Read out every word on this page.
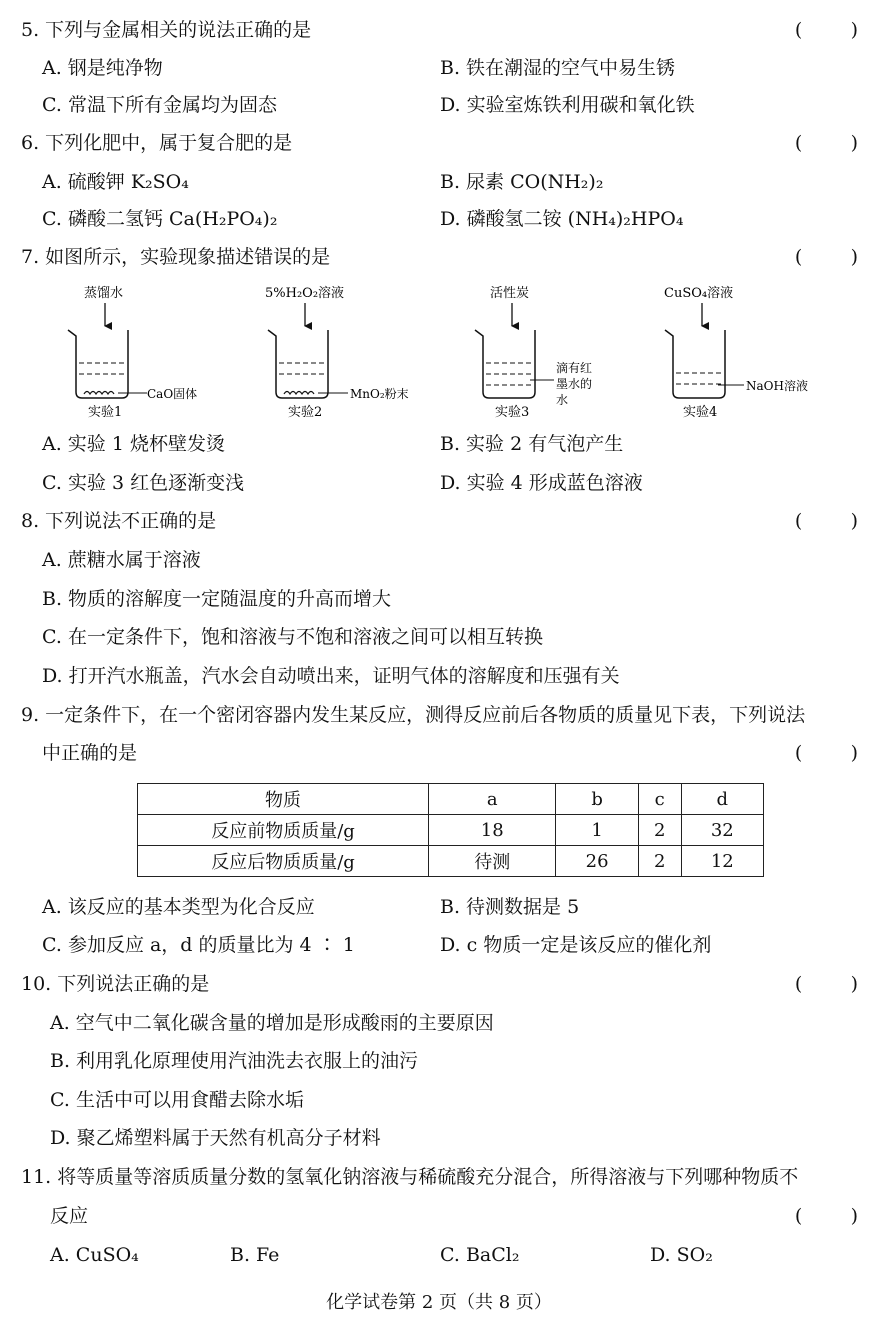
5. 下列与金属相关的说法正确的是	(        )
A. 钢是纯净物	B. 铁在潮湿的空气中易生锈
C. 常温下所有金属均为固态	D. 实验室炼铁利用碳和氧化铁
6. 下列化肥中，属于复合肥的是	(        )
A. 硫酸钾 K₂SO₄	B. 尿素 CO(NH₂)₂
C. 磷酸二氢钙 Ca(H₂PO₄)₂	D. 磷酸氢二铵 (NH₄)₂HPO₄
7. 如图所示，实验现象描述错误的是	(        )
蒸馏水
CaO固体
实验1
5%H₂O₂溶液
MnO₂粉末
实验2
活性炭
滴有红
墨水的
水
实验3
CuSO₄溶液
NaOH溶液
实验4
A. 实验 1 烧杯壁发烫	B. 实验 2 有气泡产生
C. 实验 3 红色逐渐变浅	D. 实验 4 形成蓝色溶液
8. 下列说法不正确的是	(        )
A. 蔗糖水属于溶液
B. 物质的溶解度一定随温度的升高而增大
C. 在一定条件下，饱和溶液与不饱和溶液之间可以相互转换
D. 打开汽水瓶盖，汽水会自动喷出来，证明气体的溶解度和压强有关
9. 一定条件下，在一个密闭容器内发生某反应，测得反应前后各物质的质量见下表，下列说法
中正确的是	(        )
物质	a	b	c	d
反应前物质质量/g	18	1	2	32
反应后物质质量/g	待测	26	2	12
A. 该反应的基本类型为化合反应	B. 待测数据是 5
C. 参加反应 a，d 的质量比为 4 ∶ 1	D. c 物质一定是该反应的催化剂
10. 下列说法正确的是	(        )
A. 空气中二氧化碳含量的增加是形成酸雨的主要原因
B. 利用乳化原理使用汽油洗去衣服上的油污
C. 生活中可以用食醋去除水垢
D. 聚乙烯塑料属于天然有机高分子材料
11. 将等质量等溶质质量分数的氢氧化钠溶液与稀硫酸充分混合，所得溶液与下列哪种物质不
反应	(        )
A. CuSO₄	B. Fe	C. BaCl₂	D. SO₂
化学试卷第 2 页（共 8 页）
